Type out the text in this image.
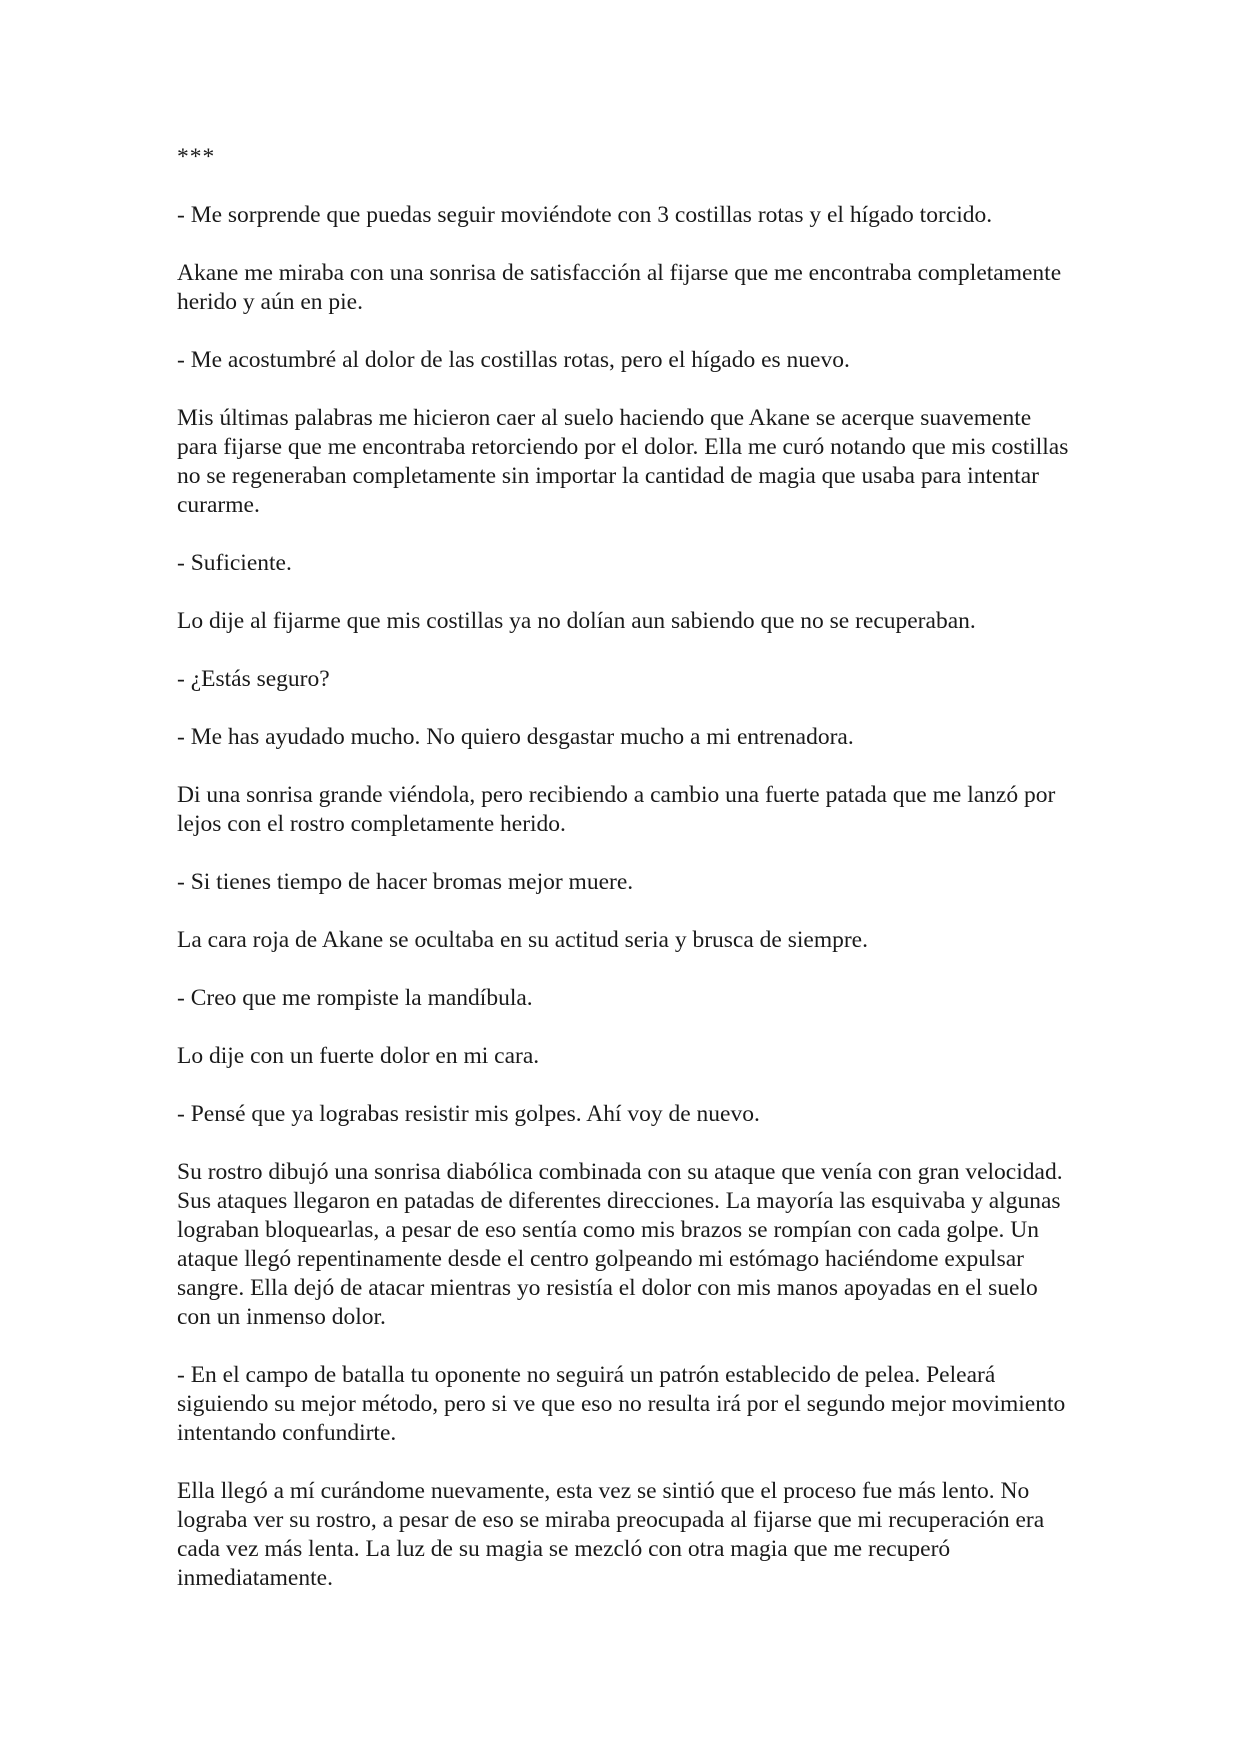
***

- Me sorprende que puedas seguir moviéndote con 3 costillas rotas y el hígado torcido.

Akane me miraba con una sonrisa de satisfacción al fijarse que me encontraba completamente herido y aún en pie.

- Me acostumbré al dolor de las costillas rotas, pero el hígado es nuevo.

Mis últimas palabras me hicieron caer al suelo haciendo que Akane se acerque suavemente para fijarse que me encontraba retorciendo por el dolor. Ella me curó notando que mis costillas no se regeneraban completamente sin importar la cantidad de magia que usaba para intentar curarme.

- Suficiente.

Lo dije al fijarme que mis costillas ya no dolían aun sabiendo que no se recuperaban.

- ¿Estás seguro?

- Me has ayudado mucho. No quiero desgastar mucho a mi entrenadora.

Di una sonrisa grande viéndola, pero recibiendo a cambio una fuerte patada que me lanzó por lejos con el rostro completamente herido.

- Si tienes tiempo de hacer bromas mejor muere.

La cara roja de Akane se ocultaba en su actitud seria y brusca de siempre.

- Creo que me rompiste la mandíbula.

Lo dije con un fuerte dolor en mi cara.

- Pensé que ya lograbas resistir mis golpes. Ahí voy de nuevo.

Su rostro dibujó una sonrisa diabólica combinada con su ataque que venía con gran velocidad. Sus ataques llegaron en patadas de diferentes direcciones. La mayoría las esquivaba y algunas lograban bloquearlas, a pesar de eso sentía como mis brazos se rompían con cada golpe. Un ataque llegó repentinamente desde el centro golpeando mi estómago haciéndome expulsar sangre. Ella dejó de atacar mientras yo resistía el dolor con mis manos apoyadas en el suelo con un inmenso dolor.

- En el campo de batalla tu oponente no seguirá un patrón establecido de pelea. Peleará siguiendo su mejor método, pero si ve que eso no resulta irá por el segundo mejor movimiento intentando confundirte.

Ella llegó a mí curándome nuevamente, esta vez se sintió que el proceso fue más lento. No lograba ver su rostro, a pesar de eso se miraba preocupada al fijarse que mi recuperación era cada vez más lenta. La luz de su magia se mezcló con otra magia que me recuperó inmediatamente.
